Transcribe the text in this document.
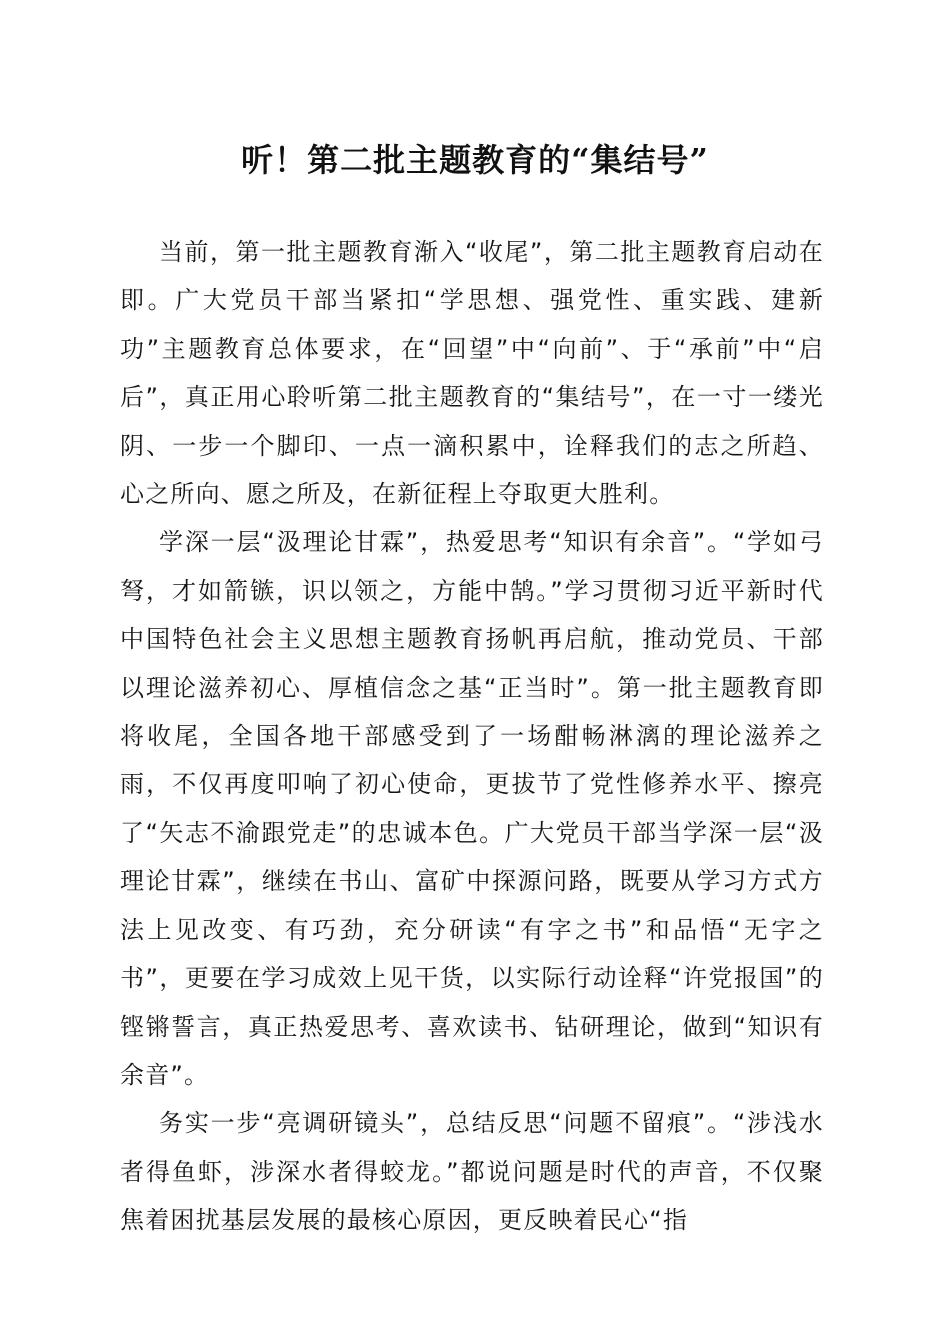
听！第二批主题教育的“集结号”

当前，第一批主题教育渐入“收尾”，第二批主题教育启动在即。广大党员干部当紧扣“学思想、强党性、重实践、建新功”主题教育总体要求，在“回望”中“向前”、于“承前”中“启后”，真正用心聆听第二批主题教育的“集结号”，在一寸一缕光阴、一步一个脚印、一点一滴积累中，诠释我们的志之所趋、心之所向、愿之所及，在新征程上夺取更大胜利。

学深一层“汲理论甘霖”，热爱思考“知识有余音”。“学如弓弩，才如箭镞，识以领之，方能中鹄。”学习贯彻习近平新时代中国特色社会主义思想主题教育扬帆再启航，推动党员、干部以理论滋养初心、厚植信念之基“正当时”。第一批主题教育即将收尾，全国各地干部感受到了一场酣畅淋漓的理论滋养之雨，不仅再度叩响了初心使命，更拔节了党性修养水平、擦亮了“矢志不渝跟党走”的忠诚本色。广大党员干部当学深一层“汲理论甘霖”，继续在书山、富矿中探源问路，既要从学习方式方法上见改变、有巧劲，充分研读“有字之书”和品悟“无字之书”，更要在学习成效上见干货，以实际行动诠释“许党报国”的铿锵誓言，真正热爱思考、喜欢读书、钻研理论，做到“知识有余音”。

务实一步“亮调研镜头”，总结反思“问题不留痕”。“涉浅水者得鱼虾，涉深水者得蛟龙。”都说问题是时代的声音，不仅聚焦着困扰基层发展的最核心原因，更反映着民心“指
